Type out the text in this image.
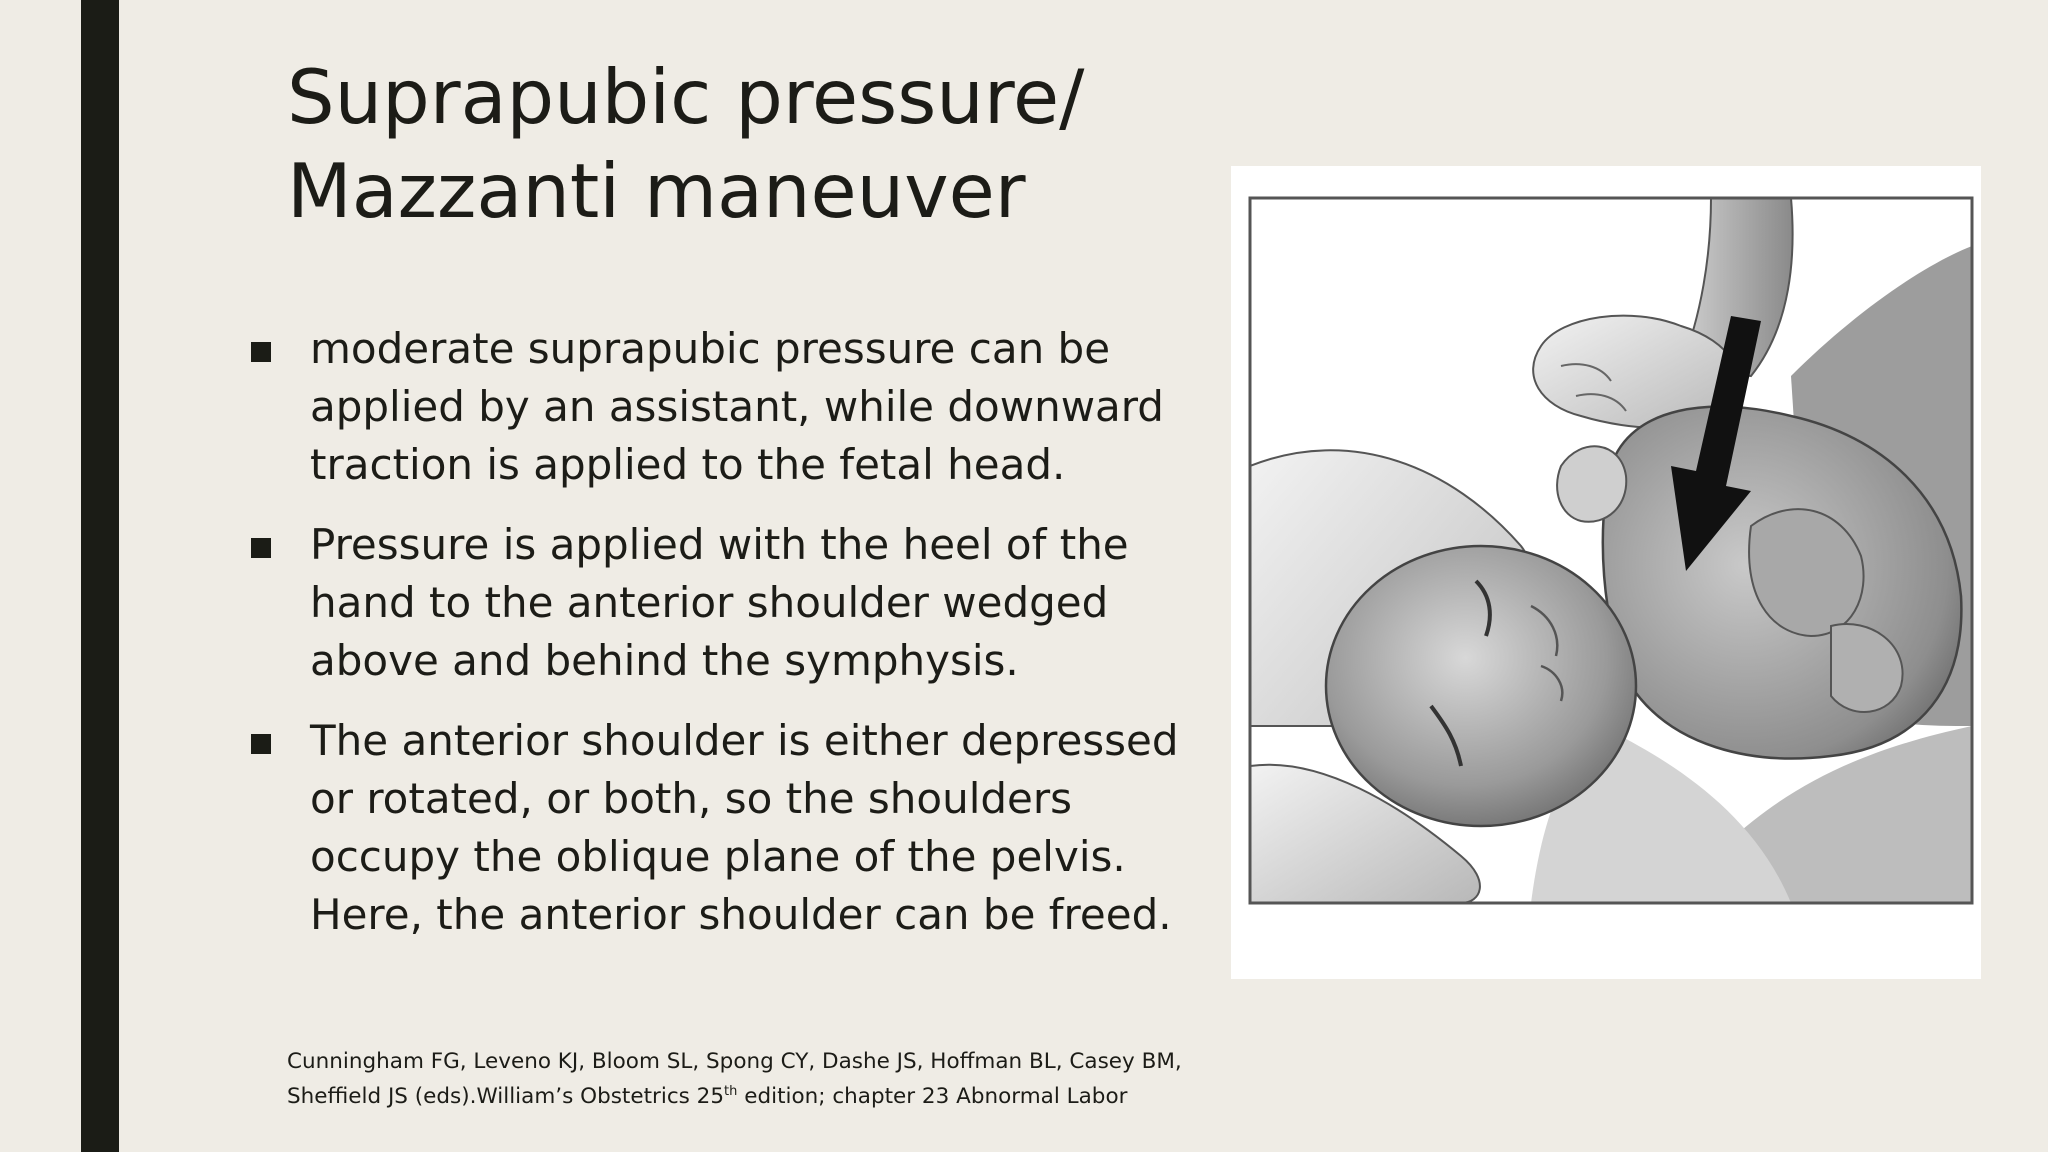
Suprapubic pressure/
Mazzanti maneuver
moderate suprapubic pressure can be applied by an assistant, while downward traction is applied to the fetal head.
Pressure is applied with the heel of the hand to the anterior shoulder wedged above and behind the symphysis.
The anterior shoulder is either depressed or rotated, or both, so the shoulders occupy the oblique plane of the pelvis. Here, the anterior shoulder can be freed.
Cunningham FG, Leveno KJ, Bloom SL, Spong CY, Dashe JS, Hoffman BL, Casey BM,
Sheffield JS (eds).William’s Obstetrics 25th edition; chapter 23 Abnormal Labor
